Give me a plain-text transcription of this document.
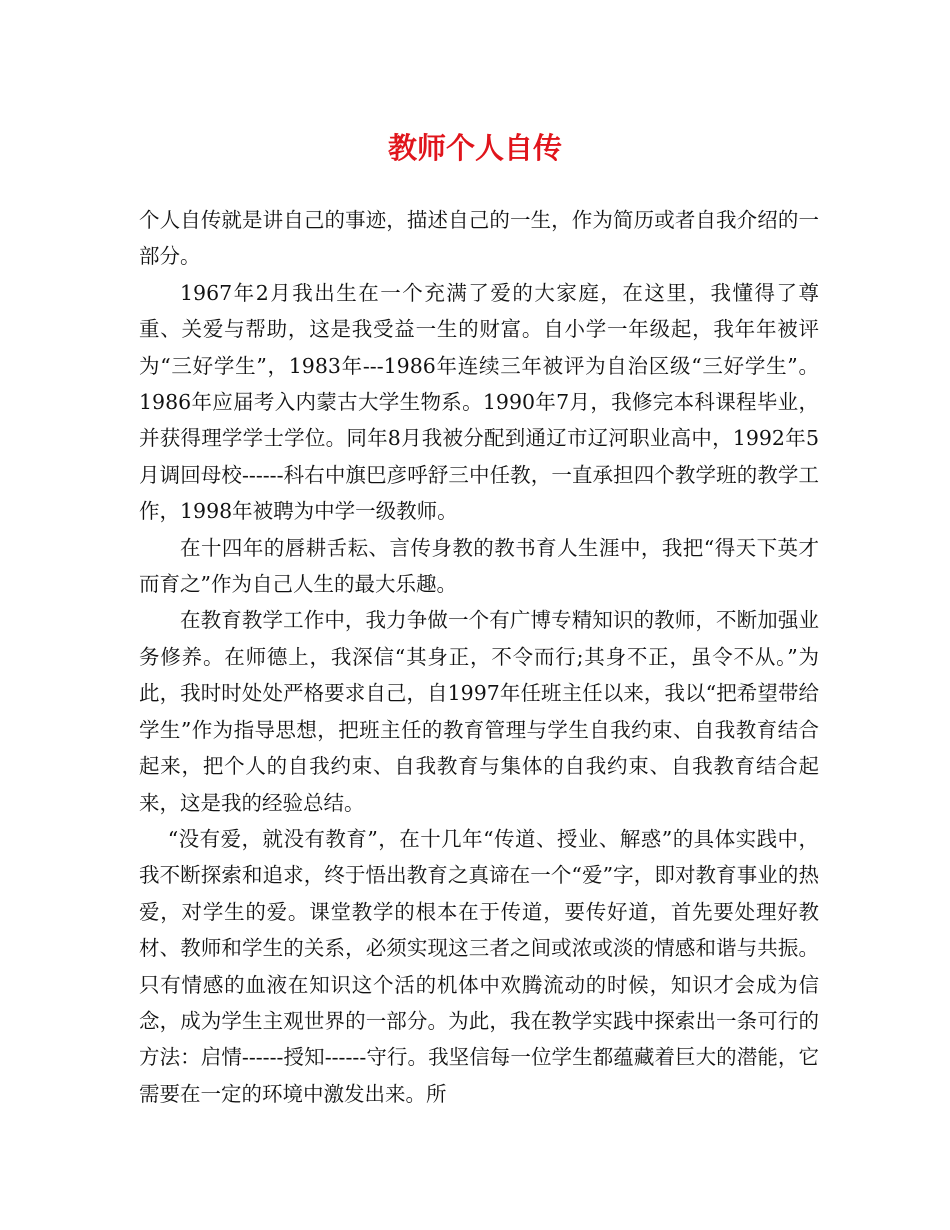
教师个人自传

个人自传就是讲自己的事迹，描述自己的一生，作为简历或者自我介绍的一部分。

1967年2月我出生在一个充满了爱的大家庭，在这里，我懂得了尊重、关爱与帮助，这是我受益一生的财富。自小学一年级起，我年年被评为“三好学生”，1983年---1986年连续三年被评为自治区级“三好学生”。1986年应届考入内蒙古大学生物系。1990年7月，我修完本科课程毕业，并获得理学学士学位。同年8月我被分配到通辽市辽河职业高中，1992年5月调回母校------科右中旗巴彦呼舒三中任教，一直承担四个教学班的教学工作，1998年被聘为中学一级教师。

在十四年的唇耕舌耘、言传身教的教书育人生涯中，我把“得天下英才而育之”作为自己人生的最大乐趣。

在教育教学工作中，我力争做一个有广博专精知识的教师，不断加强业务修养。在师德上，我深信“其身正，不令而行;其身不正，虽令不从。”为此，我时时处处严格要求自己，自1997年任班主任以来，我以“把希望带给学生”作为指导思想，把班主任的教育管理与学生自我约束、自我教育结合起来，把个人的自我约束、自我教育与集体的自我约束、自我教育结合起来，这是我的经验总结。

“没有爱，就没有教育”，在十几年“传道、授业、解惑”的具体实践中，我不断探索和追求，终于悟出教育之真谛在一个“爱”字，即对教育事业的热爱，对学生的爱。课堂教学的根本在于传道，要传好道，首先要处理好教材、教师和学生的关系，必须实现这三者之间或浓或淡的情感和谐与共振。只有情感的血液在知识这个活的机体中欢腾流动的时候，知识才会成为信念，成为学生主观世界的一部分。为此，我在教学实践中探索出一条可行的方法：启情------授知------守行。我坚信每一位学生都蕴藏着巨大的潜能，它需要在一定的环境中激发出来。所
